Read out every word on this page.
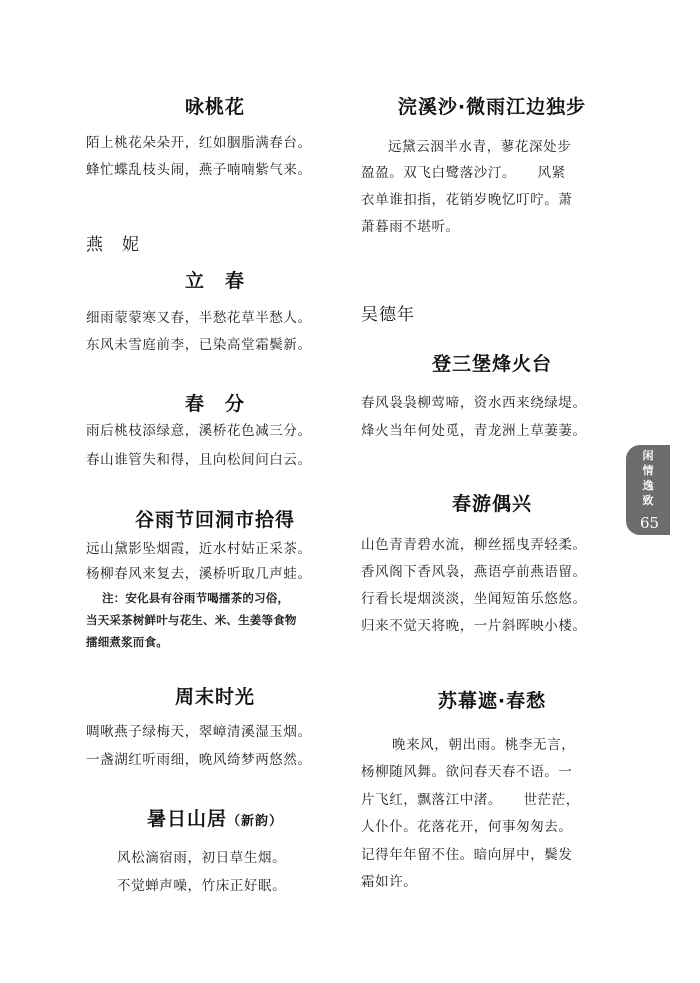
咏桃花
陌上桃花朵朵开，红如胭脂满春台。
蜂忙蝶乱枝头闹，燕子喃喃紫气来。
燕　妮
立　春
细雨蒙蒙寒又春，半愁花草半愁人。
东风未雪庭前李，已染高堂霜鬓新。
春　分
雨后桃枝添绿意，溪桥花色减三分。
春山谁管失和得，且向松间问白云。
谷雨节回洞市拾得
远山黛影坠烟霞，近水村姑正采茶。
杨柳春风来复去，溪桥听取几声蛙。
注：安化县有谷雨节喝擂茶的习俗，
当天采茶树鲜叶与花生、米、生姜等食物
擂细煮浆而食。
周末时光
啁啾燕子绿梅天，翠嶂清溪湿玉烟。
一盏湖红听雨细，晚风绮梦两悠然。
暑日山居（新韵）
风松滴宿雨，初日草生烟。
不觉蝉声噪，竹床正好眠。
浣溪沙·微雨江边独步
远黛云洇半水青，蓼花深处步
盈盈。双飞白鹭落沙汀。　　风紧
衣单谁扣指，花销岁晚忆叮咛。萧
萧暮雨不堪听。
吴德年
登三堡烽火台
春风袅袅柳莺啼，资水西来绕绿堤。
烽火当年何处觅，青龙洲上草萋萋。
春游偶兴
山色青青碧水流，柳丝摇曳弄轻柔。
香风阁下香风袅，燕语亭前燕语留。
行看长堤烟淡淡，坐闻短笛乐悠悠。
归来不觉天将晚，一片斜晖映小楼。
苏幕遮·春愁
晚来风，朝出雨。桃李无言，
杨柳随风舞。欲问春天春不语。一
片飞红，飘落江中渚。　　世茫茫，
人仆仆。花落花开，何事匆匆去。
记得年年留不住。暗向屏中，鬓发
霜如许。
闲情逸致
65
